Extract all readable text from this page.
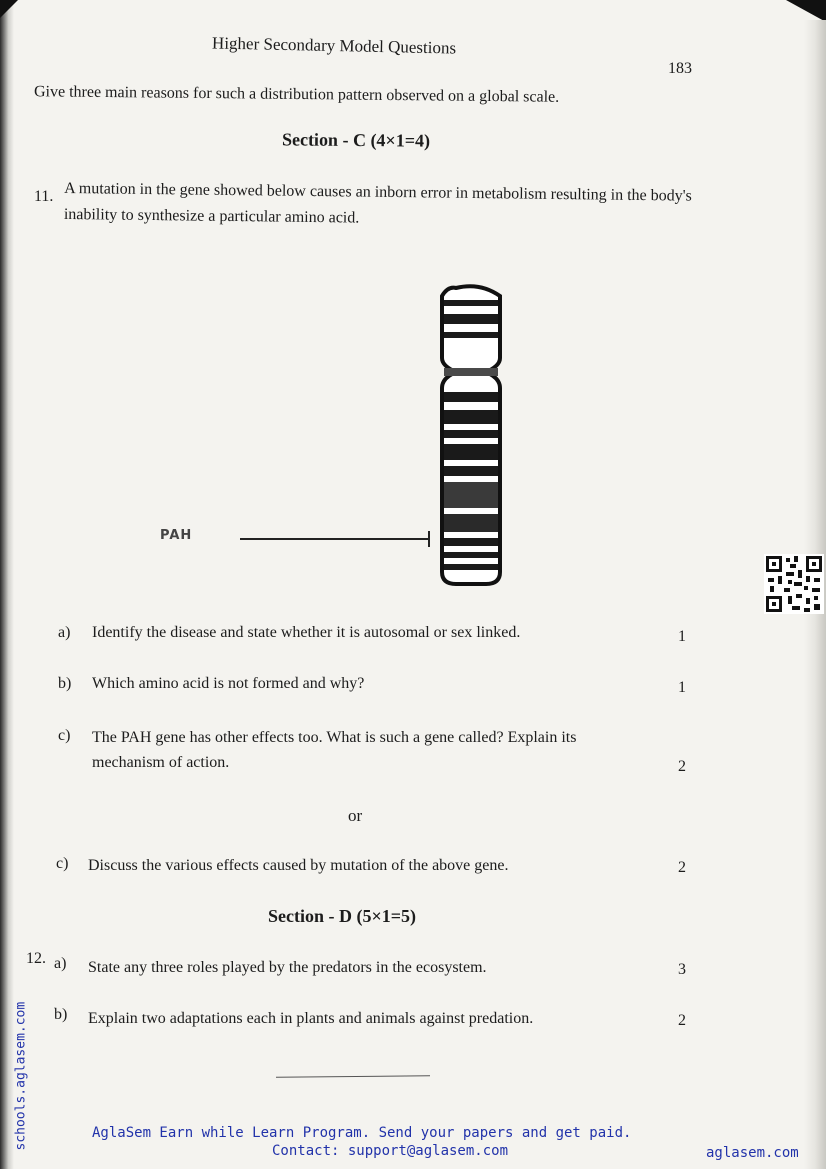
Higher Secondary Model Questions
183
Give three main reasons for such a distribution pattern observed on a global scale.
Section - C (4×1=4)
11. A mutation in the gene showed below causes an inborn error in metabolism resulting in the body's inability to synthesize a particular amino acid.
PAH
a) Identify the disease and state whether it is autosomal or sex linked.	1
b) Which amino acid is not formed and why?	1
c) The PAH gene has other effects too. What is such a gene called? Explain its
mechanism of action.	2
or
c) Discuss the various effects caused by mutation of the above gene.	2
Section - D (5×1=5)
12. a) State any three roles played by the predators in the ecosystem.	3
b) Explain two adaptations each in plants and animals against predation.	2
schools.aglasem.com	AglaSem Earn while Learn Program. Send your papers and get paid.
Contact: support@aglasem.com	aglasem.com
